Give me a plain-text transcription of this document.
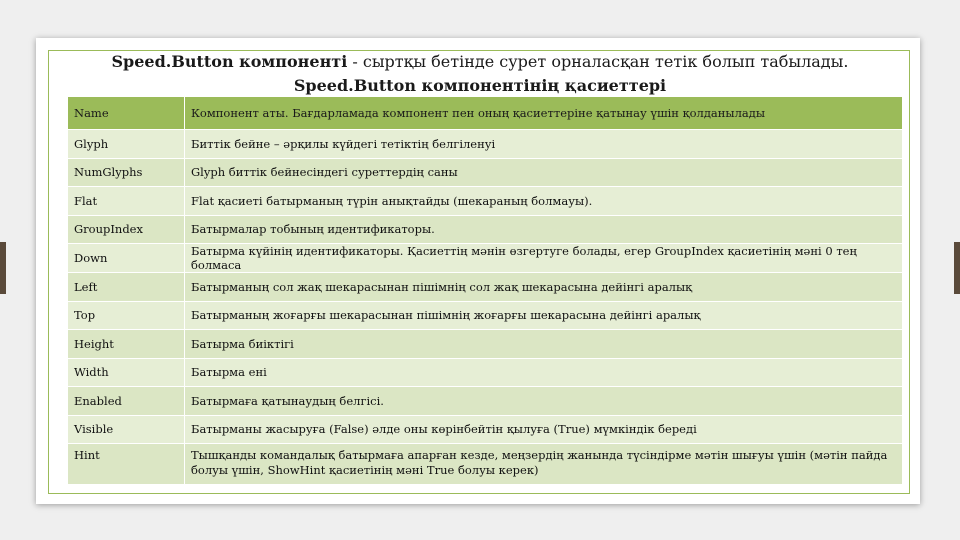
Speed.Button компоненті - сыртқы бетінде сурет орналасқан тетік болып табылады.
Speed.Button компонентінің қасиеттері
Name	Компонент аты. Бағдарламада компонент пен оның қасиеттеріне қатынау үшін қолданылады
Glyph	Биттік бейне – әрқилы күйдегі тетіктің белгіленуі
NumGlyphs	Glyph биттік бейнесіндегі суреттердің саны
Flat	Flat қасиеті батырманың түрін анықтайды (шекараның болмауы).
GroupIndex	Батырмалар тобының идентификаторы.
Down	Батырма күйінің идентификаторы. Қасиеттің мәнін өзгертуге болады, егер GroupIndex қасиетінің мәні 0 тең болмаса
Left	Батырманың сол жақ шекарасынан пішімнің сол жақ шекарасына дейінгі аралық
Top	Батырманың жоғарғы шекарасынан пішімнің жоғарғы шекарасына дейінгі аралық
Height	Батырма биіктігі
Width	Батырма ені
Enabled	Батырмаға қатынаудың белгісі.
Visible	Батырманы жасыруға (False) әлде оны көрінбейтін қылуға (True) мүмкіндік береді
Hint	Тышқанды командалық батырмаға апарған кезде, меңзердің жанында түсіндірме мәтін шығуы үшін (мәтін пайда болуы үшін, ShowHint қасиетінің мәні True болуы керек)
